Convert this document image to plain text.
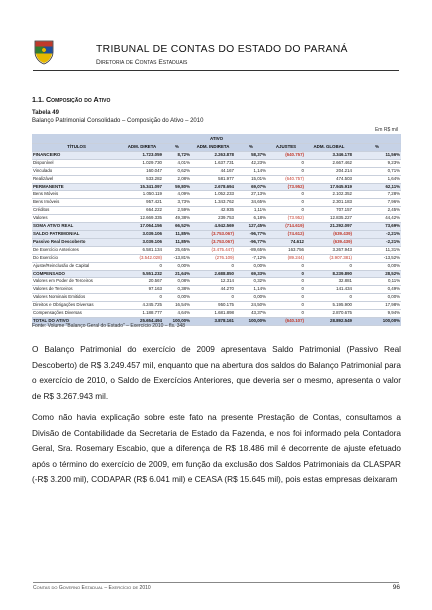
TRIBUNAL DE CONTAS DO ESTADO DO PARANÁ
Diretoria de Contas Estaduais
1.1. Composição do Ativo
Tabela 49
Balanço Patrimonial Consolidado – Composição do Ativo – 2010
Em R$ mil
ATIVO							
TÍTULOS	ADM. DIRETA	%	ADM. INDIRETA	%	AJUSTES	ADM. GLOBAL	%
FINANCEIRO	1.723.059	8,72%	2.263.878	58,37%	(640.757)	3.346.178	11,56%
Disponível	1.029.730	4,01%	1.637.731	42,23%	0	2.667.462	9,23%
Vinculado	160.047	0,62%	44.167	1,14%	0	204.214	0,71%
Realizável	533.282	2,08%	581.977	15,01%	(640.757)	474.503	1,64%
PERMANENTE	15.341.097	59,80%	2.678.694	69,07%	(73.952)	17.945.919	62,11%
Bens Móveis	1.050.119	4,09%	1.052.233	27,13%	0	2.102.352	7,28%
Bens Imóveis	957.421	3,73%	1.343.762	34,65%	0	2.301.183	7,96%
Créditos	664.222	2,59%	42.935	1,11%	0	707.157	2,45%
Valores	12.669.335	49,38%	239.753	6,18%	(73.952)	12.835.227	44,42%
SOMA ATIVO REAL	17.064.156	66,52%	4.942.569	127,45%	(714.619)	21.292.097	73,69%
SALDO PATRIMONIAL	3.039.106	11,85%	(3.753.067)	-96,77%	(74.612)	(639.439)	-2,21%
Passivo Real Descoberto	3.039.106	11,85%	(3.753.067)	-96,77%	74.612	(639.439)	-2,21%
De Exercício Anteriores	6.581.134	25,65%	(3.475.447)	-89,65%	163.756	3.267.943	11,31%
Do Exercício	(3.542.028)	-13,81%	(276.109)	-7,12%	(89.244)	(3.907.381)	-13,52%
Ajuste/Reinclusão de Capital	0	0,00%	0	0,00%	0	0	0,00%
COMPENSADO	5.551.232	21,64%	2.688.850	69,33%	0	8.239.890	28,52%
Valores em Poder de Terceiros	20.567	0,08%	12.314	0,32%	0	32.881	0,11%
Valores de Terceiros	97.163	0,38%	44.270	1,14%	0	141.434	0,49%
Valores Nominais Emitidos	0	0,00%	0	0,00%	0	0	0,00%
Direitos e Obrigações Diversas	4.245.725	16,54%	950.175	24,50%	0	5.195.900	17,98%
Compensações Diversas	1.188.777	4,64%	1.681.898	43,37%	0	2.870.675	9,94%
TOTAL DO ATIVO	25.654.494	100,00%	3.878.161	100,00%	(640.107)	28.892.549	100,00%
Fonte: Volume "Balanço Geral do Estado" – Exercício 2010 – fls. 348

O Balanço Patrimonial do exercício de 2009 apresentava Saldo Patrimonial (Passivo Real Descoberto) de R$ 3.249.457 mil, enquanto que na abertura dos saldos do Balanço Patrimonial para o exercício de 2010, o Saldo de Exercícios Anteriores, que deveria ser o mesmo, apresenta o valor de R$ 3.267.943 mil.

Como não havia explicação sobre este fato na presente Prestação de Contas, consultamos a Divisão de Contabilidade da Secretaria de Estado da Fazenda, e nos foi informado pela Contadora Geral, Sra. Rosemary Escabio, que a diferença de R$ 18.486 mil é decorrente de ajuste efetuado após o término do exercício de 2009, em função da exclusão dos Saldos Patrimoniais da CLASPAR (-R$ 3.200 mil), CODAPAR (R$ 6.041 mil) e CEASA (R$ 15.645 mil), pois estas empresas deixaram

Contas do Governo Estadual – Exercício de 2010	96
